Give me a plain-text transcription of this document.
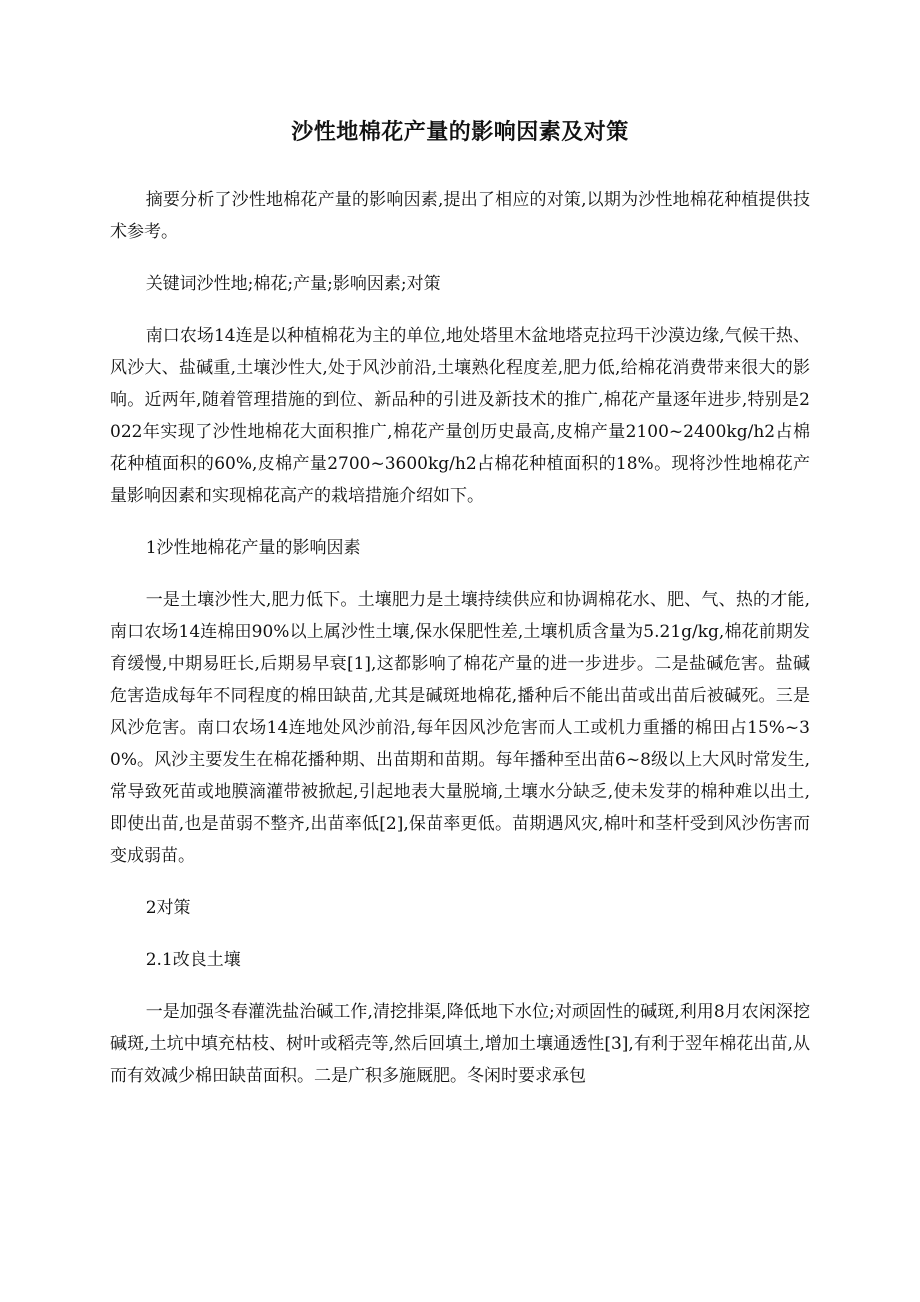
沙性地棉花产量的影响因素及对策

摘要分析了沙性地棉花产量的影响因素,提出了相应的对策,以期为沙性地棉花种植提供技术参考。

关键词沙性地;棉花;产量;影响因素;对策

南口农场14连是以种植棉花为主的单位,地处塔里木盆地塔克拉玛干沙漠边缘,气候干热、风沙大、盐碱重,土壤沙性大,处于风沙前沿,土壤熟化程度差,肥力低,给棉花消费带来很大的影响。近两年,随着管理措施的到位、新品种的引进及新技术的推广,棉花产量逐年进步,特别是2022年实现了沙性地棉花大面积推广,棉花产量创历史最高,皮棉产量2100~2400kg/h2占棉花种植面积的60%,皮棉产量2700~3600kg/h2占棉花种植面积的18%。现将沙性地棉花产量影响因素和实现棉花高产的栽培措施介绍如下。

1沙性地棉花产量的影响因素

一是土壤沙性大,肥力低下。土壤肥力是土壤持续供应和协调棉花水、肥、气、热的才能,南口农场14连棉田90%以上属沙性土壤,保水保肥性差,土壤机质含量为5.21g/kg,棉花前期发育缓慢,中期易旺长,后期易早衰[1],这都影响了棉花产量的进一步进步。二是盐碱危害。盐碱危害造成每年不同程度的棉田缺苗,尤其是碱斑地棉花,播种后不能出苗或出苗后被碱死。三是风沙危害。南口农场14连地处风沙前沿,每年因风沙危害而人工或机力重播的棉田占15%~30%。风沙主要发生在棉花播种期、出苗期和苗期。每年播种至出苗6~8级以上大风时常发生,常导致死苗或地膜滴灌带被掀起,引起地表大量脱墒,土壤水分缺乏,使未发芽的棉种难以出土,即使出苗,也是苗弱不整齐,出苗率低[2],保苗率更低。苗期遇风灾,棉叶和茎杆受到风沙伤害而变成弱苗。

2对策

2.1改良土壤

一是加强冬春灌洗盐治碱工作,清挖排渠,降低地下水位;对顽固性的碱斑,利用8月农闲深挖碱斑,土坑中填充枯枝、树叶或稻壳等,然后回填土,增加土壤通透性[3],有利于翌年棉花出苗,从而有效减少棉田缺苗面积。二是广积多施厩肥。冬闲时要求承包
